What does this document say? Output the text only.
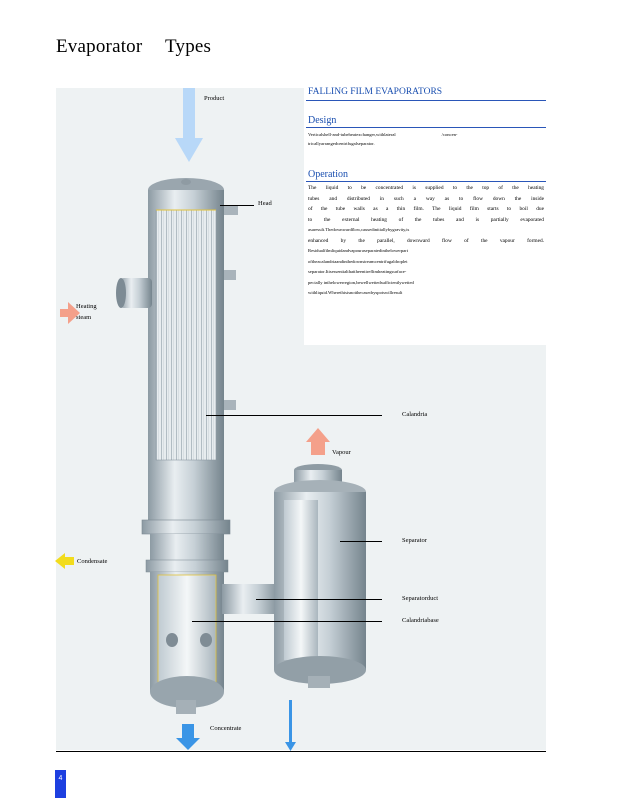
Evaporator Types
FALLING FILM EVAPORATORS
Design

Verticalshell-and-tubeheatexchanger,withlateral                                        /concen-

tricallyarrangedcentrifugalseparator.

Operation

The liquid to be concentrated is supplied to the top of the heating

tubes and distributed in such a way as to flow down the inside

of the tube walls as a thin film. The liquid film starts to boil due

to the external heating of the tubes and is partially evaporated

asaresult.Thedownwardflow,causedinitiallybygravity,is

enhanced by the parallel, downward flow of the vapour formed.

Residualfilmliquidandvapouraseparatedinthelowerpart

oftheacalandriaandinthedownstreamcentrifugaldroplet

separator.Itisessentialthattheentireflimheatingsurface-

pecially inthelowerregion,bewellwettedsufficientlywetted

withliquid.Wherethisisnotthecasedryspotswillresult

Product
Head
Heating
steam
Calandria
Vapour
Separator
Condensate
Separatorduct
Calandriabase
Concentrate
4
